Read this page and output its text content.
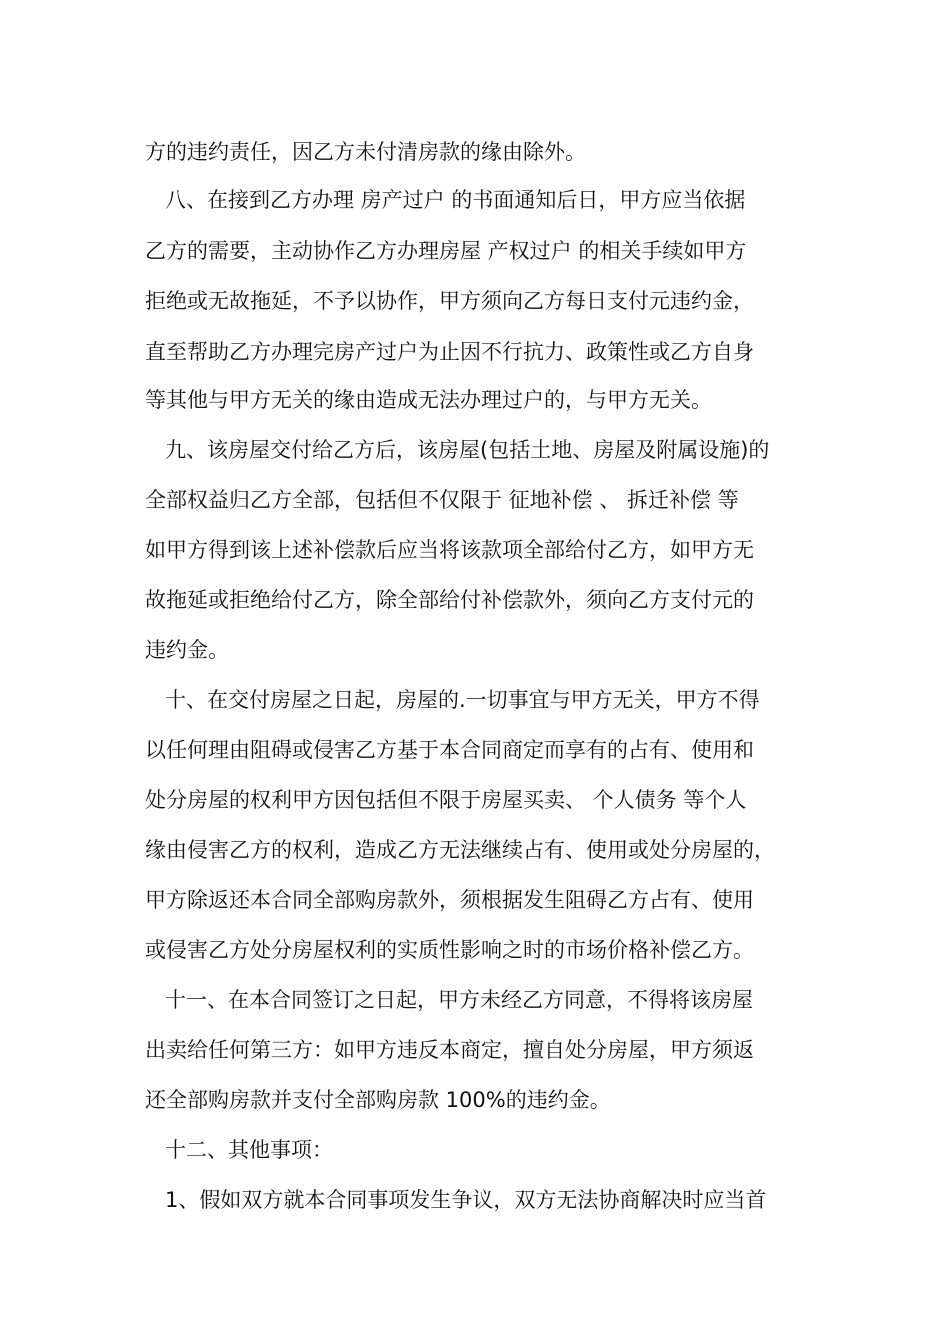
方的违约责任，因乙方未付清房款的缘由除外。
八、在接到乙方办理 房产过户 的书面通知后日，甲方应当依据
乙方的需要，主动协作乙方办理房屋 产权过户 的相关手续如甲方
拒绝或无故拖延，不予以协作，甲方须向乙方每日支付元违约金，
直至帮助乙方办理完房产过户为止因不行抗力、政策性或乙方自身
等其他与甲方无关的缘由造成无法办理过户的，与甲方无关。
九、该房屋交付给乙方后，该房屋(包括土地、房屋及附属设施)的
全部权益归乙方全部，包括但不仅限于 征地补偿 、 拆迁补偿 等
如甲方得到该上述补偿款后应当将该款项全部给付乙方，如甲方无
故拖延或拒绝给付乙方，除全部给付补偿款外，须向乙方支付元的
违约金。
十、在交付房屋之日起，房屋的.一切事宜与甲方无关，甲方不得
以任何理由阻碍或侵害乙方基于本合同商定而享有的占有、使用和
处分房屋的权利甲方因包括但不限于房屋买卖、 个人债务 等个人
缘由侵害乙方的权利，造成乙方无法继续占有、使用或处分房屋的，
甲方除返还本合同全部购房款外，须根据发生阻碍乙方占有、使用
或侵害乙方处分房屋权利的实质性影响之时的市场价格补偿乙方。
十一、在本合同签订之日起，甲方未经乙方同意，不得将该房屋
出卖给任何第三方：如甲方违反本商定，擅自处分房屋，甲方须返
还全部购房款并支付全部购房款 100%的违约金。
十二、其他事项：
1、假如双方就本合同事项发生争议，双方无法协商解决时应当首
